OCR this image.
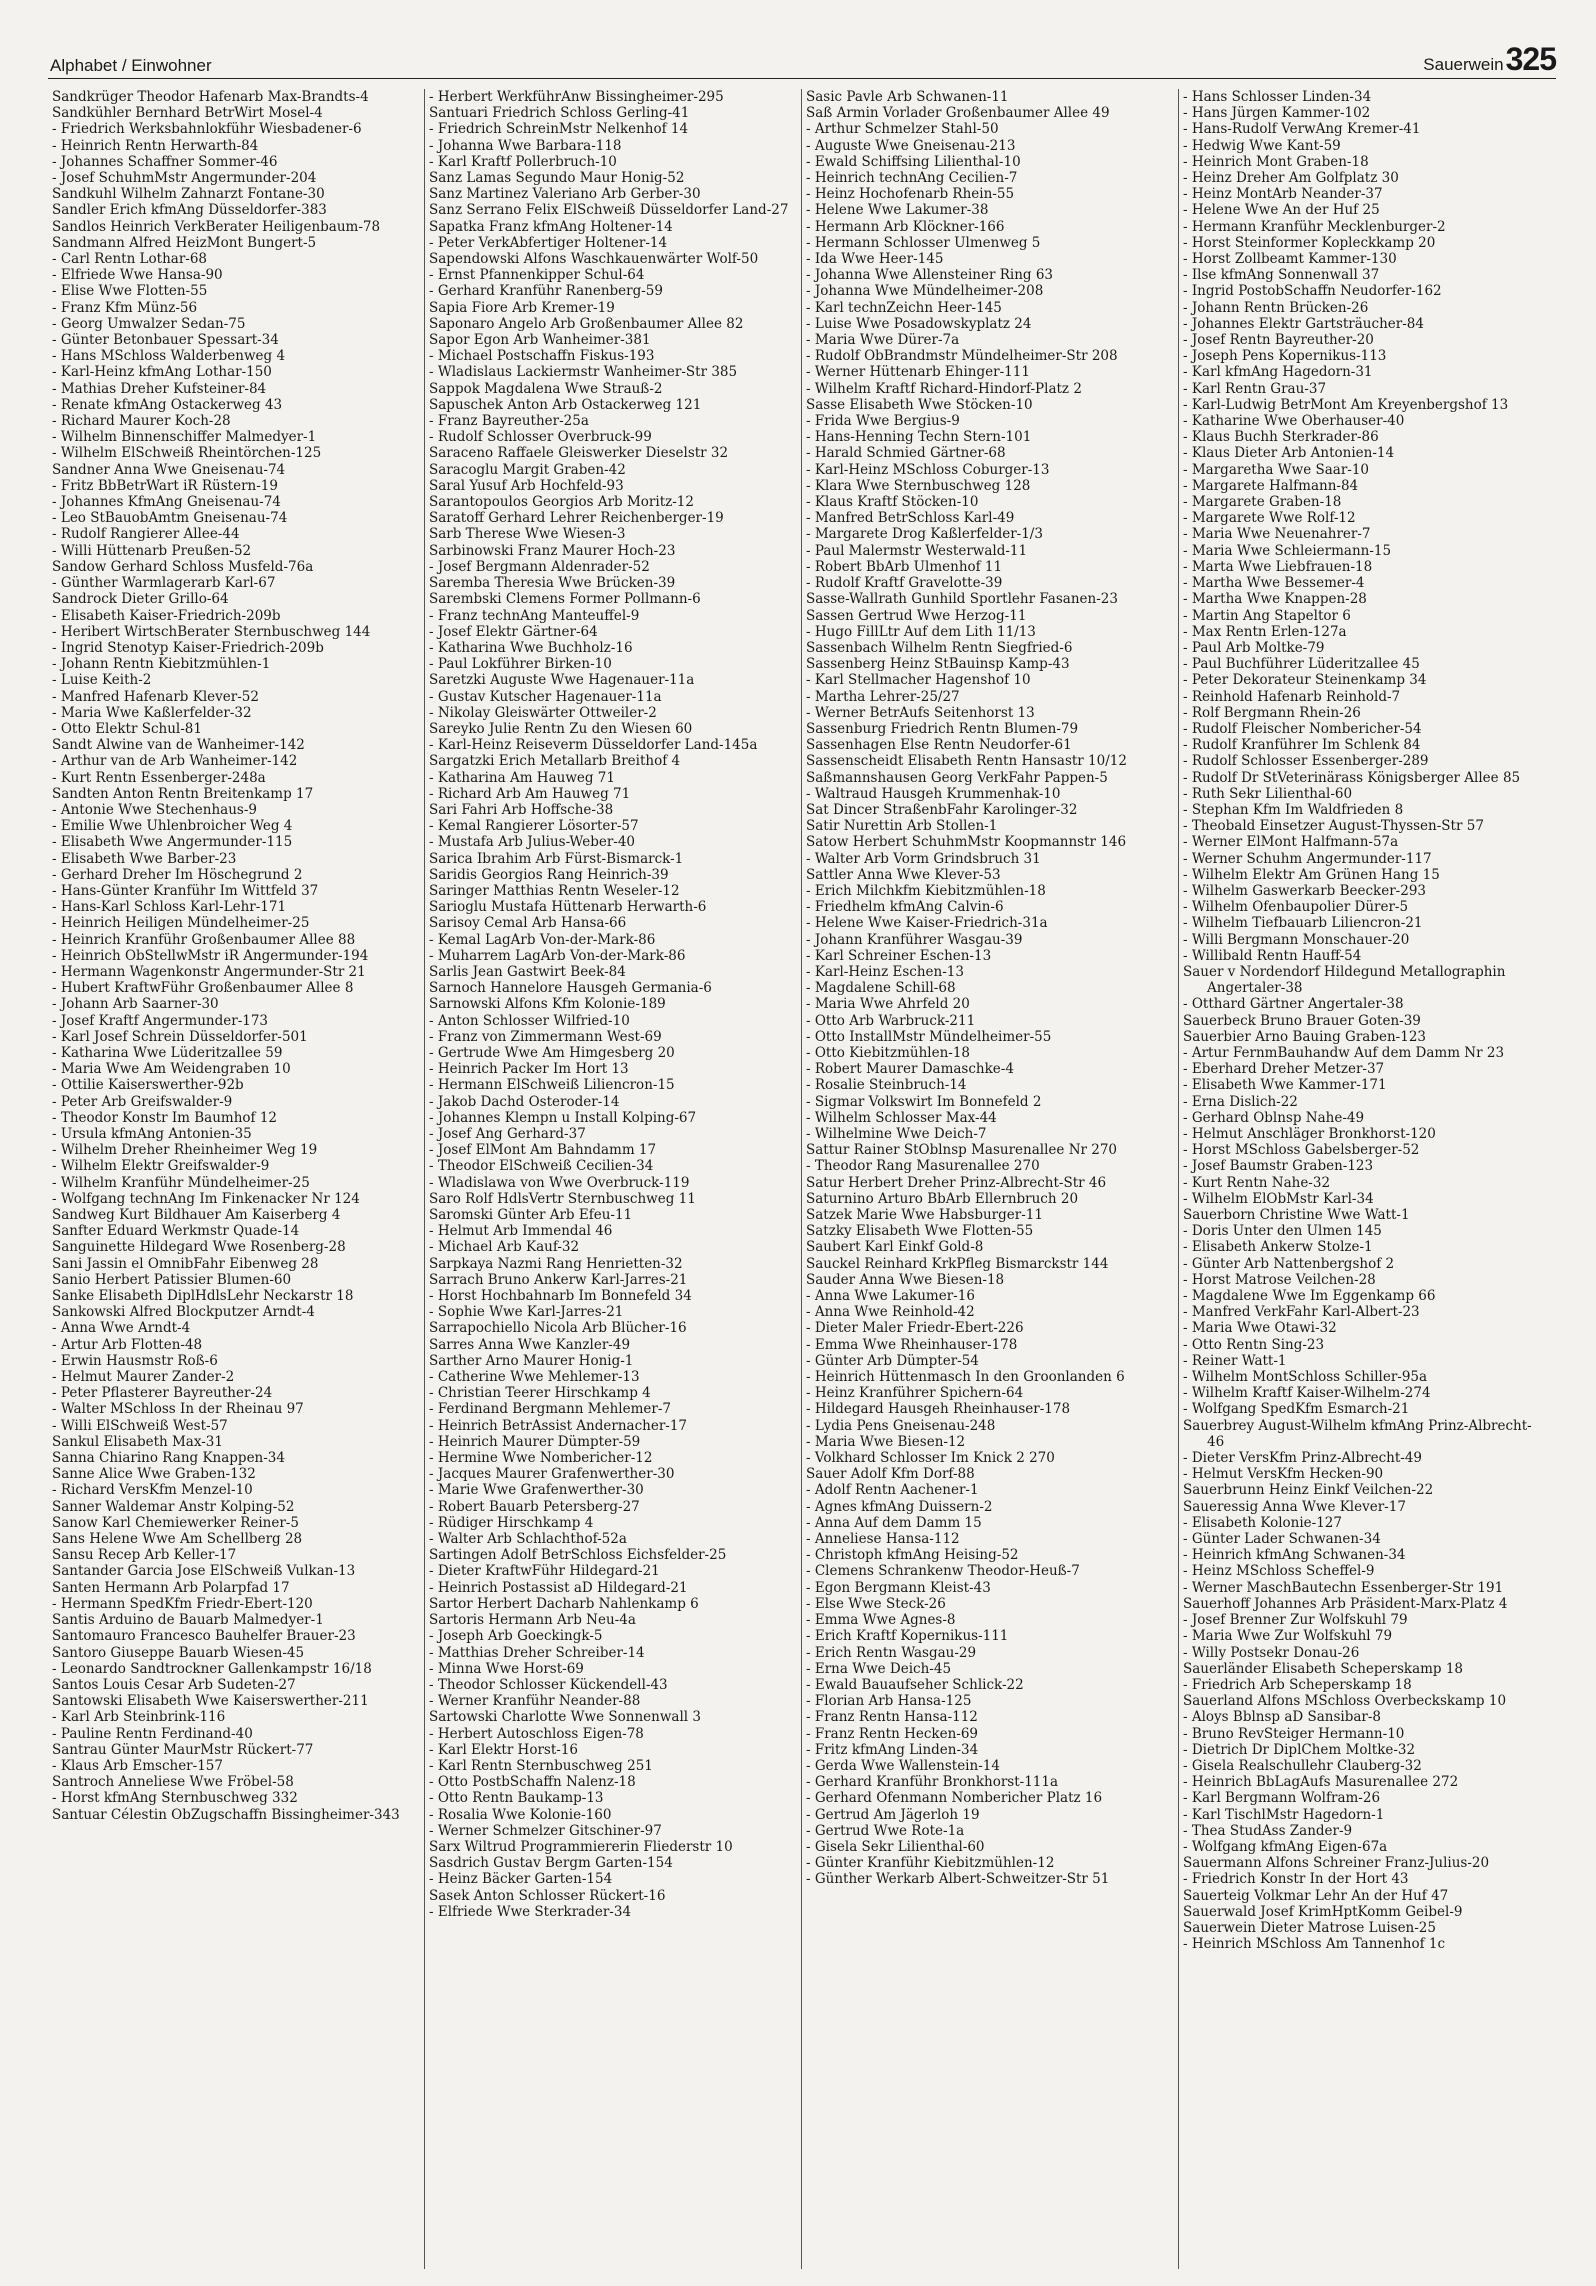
Alphabet / Einwohner	Sauerwein325
Sandkrüger Theodor Hafenarb Max-Brandts-4
Sandkühler Bernhard BetrWirt Mosel-4
- Friedrich Werksbahnlokführ Wiesbadener-6
- Heinrich Rentn Herwarth-84
- Johannes Schaffner Sommer-46
- Josef SchuhmMstr Angermunder-204
Sandkuhl Wilhelm Zahnarzt Fontane-30
Sandler Erich kfmAng Düsseldorfer-383
Sandlos Heinrich VerkBerater Heiligenbaum-78
Sandmann Alfred HeizMont Bungert-5
- Carl Rentn Lothar-68
- Elfriede Wwe Hansa-90
- Elise Wwe Flotten-55
- Franz Kfm Münz-56
- Georg Umwalzer Sedan-75
- Günter Betonbauer Spessart-34
- Hans MSchloss Walderbenweg 4
- Karl-Heinz kfmAng Lothar-150
- Mathias Dreher Kufsteiner-84
- Renate kfmAng Ostackerweg 43
- Richard Maurer Koch-28
- Wilhelm Binnenschiffer Malmedyer-1
- Wilhelm ElSchweiß Rheintörchen-125
Sandner Anna Wwe Gneisenau-74
- Fritz BbBetrWart iR Rüstern-19
- Johannes KfmAng Gneisenau-74
- Leo StBauobAmtm Gneisenau-74
- Rudolf Rangierer Allee-44
- Willi Hüttenarb Preußen-52
Sandow Gerhard Schloss Musfeld-76a
- Günther Warmlagerarb Karl-67
Sandrock Dieter Grillo-64
- Elisabeth Kaiser-Friedrich-209b
- Heribert WirtschBerater Sternbuschweg 144
- Ingrid Stenotyp Kaiser-Friedrich-209b
- Johann Rentn Kiebitzmühlen-1
- Luise Keith-2
- Manfred Hafenarb Klever-52
- Maria Wwe Kaßlerfelder-32
- Otto Elektr Schul-81
Sandt Alwine van de Wanheimer-142
- Arthur van de Arb Wanheimer-142
- Kurt Rentn Essenberger-248a
Sandten Anton Rentn Breitenkamp 17
- Antonie Wwe Stechenhaus-9
- Emilie Wwe Uhlenbroicher Weg 4
- Elisabeth Wwe Angermunder-115
- Elisabeth Wwe Barber-23
- Gerhard Dreher Im Höschegrund 2
- Hans-Günter Kranführ Im Wittfeld 37
- Hans-Karl Schloss Karl-Lehr-171
- Heinrich Heiligen Mündelheimer-25
- Heinrich Kranführ Großenbaumer Allee 88
- Heinrich ObStellwMstr iR Angermunder-194
- Hermann Wagenkonstr Angermunder-Str 21
- Hubert KraftwFühr Großenbaumer Allee 8
- Johann Arb Saarner-30
- Josef Kraftf Angermunder-173
- Karl Josef Schrein Düsseldorfer-501
- Katharina Wwe Lüderitzallee 59
- Maria Wwe Am Weidengraben 10
- Ottilie Kaiserswerther-92b
- Peter Arb Greifswalder-9
- Theodor Konstr Im Baumhof 12
- Ursula kfmAng Antonien-35
- Wilhelm Dreher Rheinheimer Weg 19
- Wilhelm Elektr Greifswalder-9
- Wilhelm Kranführ Mündelheimer-25
- Wolfgang technAng Im Finkenacker Nr 124
Sandweg Kurt Bildhauer Am Kaiserberg 4
Sanfter Eduard Werkmstr Quade-14
Sanguinette Hildegard Wwe Rosenberg-28
Sani Jassin el OmnibFahr Eibenweg 28
Sanio Herbert Patissier Blumen-60
Sanke Elisabeth DiplHdlsLehr Neckarstr 18
Sankowski Alfred Blockputzer Arndt-4
- Anna Wwe Arndt-4
- Artur Arb Flotten-48
- Erwin Hausmstr Roß-6
- Helmut Maurer Zander-2
- Peter Pflasterer Bayreuther-24
- Walter MSchloss In der Rheinau 97
- Willi ElSchweiß West-57
Sankul Elisabeth Max-31
Sanna Chiarino Rang Knappen-34
Sanne Alice Wwe Graben-132
- Richard VersKfm Menzel-10
Sanner Waldemar Anstr Kolping-52
Sanow Karl Chemiewerker Reiner-5
Sans Helene Wwe Am Schellberg 28
Sansu Recep Arb Keller-17
Santander Garcia Jose ElSchweiß Vulkan-13
Santen Hermann Arb Polarpfad 17
- Hermann SpedKfm Friedr-Ebert-120
Santis Arduino de Bauarb Malmedyer-1
Santomauro Francesco Bauhelfer Brauer-23
Santoro Giuseppe Bauarb Wiesen-45
- Leonardo Sandtrockner Gallenkampstr 16/18
Santos Louis Cesar Arb Sudeten-27
Santowski Elisabeth Wwe Kaiserswerther-211
- Karl Arb Steinbrink-116
- Pauline Rentn Ferdinand-40
Santrau Günter MaurMstr Rückert-77
- Klaus Arb Emscher-157
Santroch Anneliese Wwe Fröbel-58
- Horst kfmAng Sternbuschweg 332
Santuar Célestin ObZugschaffn Bissingheimer-343
- Herbert WerkführAnw Bissingheimer-295
Santuari Friedrich Schloss Gerling-41
- Friedrich SchreinMstr Nelkenhof 14
- Johanna Wwe Barbara-118
- Karl Kraftf Pollerbruch-10
Sanz Lamas Segundo Maur Honig-52
Sanz Martinez Valeriano Arb Gerber-30
Sanz Serrano Felix ElSchweiß Düsseldorfer Land-27
Sapatka Franz kfmAng Holtener-14
- Peter VerkAbfertiger Holtener-14
Sapendowski Alfons Waschkauenwärter Wolf-50
- Ernst Pfannenkipper Schul-64
- Gerhard Kranführ Ranenberg-59
Sapia Fiore Arb Kremer-19
Saponaro Angelo Arb Großenbaumer Allee 82
Sapor Egon Arb Wanheimer-381
- Michael Postschaffn Fiskus-193
- Wladislaus Lackiermstr Wanheimer-Str 385
Sappok Magdalena Wwe Strauß-2
Sapuschek Anton Arb Ostackerweg 121
- Franz Bayreuther-25a
- Rudolf Schlosser Overbruck-99
Saraceno Raffaele Gleiswerker Dieselstr 32
Saracoglu Margit Graben-42
Saral Yusuf Arb Hochfeld-93
Sarantopoulos Georgios Arb Moritz-12
Saratoff Gerhard Lehrer Reichenberger-19
Sarb Therese Wwe Wiesen-3
Sarbinowski Franz Maurer Hoch-23
- Josef Bergmann Aldenrader-52
Saremba Theresia Wwe Brücken-39
Sarembski Clemens Former Pollmann-6
- Franz technAng Manteuffel-9
- Josef Elektr Gärtner-64
- Katharina Wwe Buchholz-16
- Paul Lokführer Birken-10
Saretzki Auguste Wwe Hagenauer-11a
- Gustav Kutscher Hagenauer-11a
- Nikolay Gleiswärter Ottweiler-2
Sareyko Julie Rentn Zu den Wiesen 60
- Karl-Heinz Reiseverm Düsseldorfer Land-145a
Sargatzki Erich Metallarb Breithof 4
- Katharina Am Hauweg 71
- Richard Arb Am Hauweg 71
Sari Fahri Arb Hoffsche-38
- Kemal Rangierer Lösorter-57
- Mustafa Arb Julius-Weber-40
Sarica Ibrahim Arb Fürst-Bismarck-1
Saridis Georgios Rang Heinrich-39
Saringer Matthias Rentn Weseler-12
Sarioglu Mustafa Hüttenarb Herwarth-6
Sarisoy Cemal Arb Hansa-66
- Kemal LagArb Von-der-Mark-86
- Muharrem LagArb Von-der-Mark-86
Sarlis Jean Gastwirt Beek-84
Sarnoch Hannelore Hausgeh Germania-6
Sarnowski Alfons Kfm Kolonie-189
- Anton Schlosser Wilfried-10
- Franz von Zimmermann West-69
- Gertrude Wwe Am Himgesberg 20
- Heinrich Packer Im Hort 13
- Hermann ElSchweiß Liliencron-15
- Jakob Dachd Osteroder-14
- Johannes Klempn u Install Kolping-67
- Josef Ang Gerhard-37
- Josef ElMont Am Bahndamm 17
- Theodor ElSchweiß Cecilien-34
- Wladislawa von Wwe Overbruck-119
Saro Rolf HdlsVertr Sternbuschweg 11
Saromski Günter Arb Efeu-11
- Helmut Arb Immendal 46
- Michael Arb Kauf-32
Sarpkaya Nazmi Rang Henrietten-32
Sarrach Bruno Ankerw Karl-Jarres-21
- Horst Hochbahnarb Im Bonnefeld 34
- Sophie Wwe Karl-Jarres-21
Sarrapochiello Nicola Arb Blücher-16
Sarres Anna Wwe Kanzler-49
Sarther Arno Maurer Honig-1
- Catherine Wwe Mehlemer-13
- Christian Teerer Hirschkamp 4
- Ferdinand Bergmann Mehlemer-7
- Heinrich BetrAssist Andernacher-17
- Heinrich Maurer Dümpter-59
- Hermine Wwe Nombericher-12
- Jacques Maurer Grafenwerther-30
- Marie Wwe Grafenwerther-30
- Robert Bauarb Petersberg-27
- Rüdiger Hirschkamp 4
- Walter Arb Schlachthof-52a
Sartingen Adolf BetrSchloss Eichsfelder-25
- Dieter KraftwFühr Hildegard-21
- Heinrich Postassist aD Hildegard-21
Sartor Herbert Dacharb Nahlenkamp 6
Sartoris Hermann Arb Neu-4a
- Joseph Arb Goeckingk-5
- Matthias Dreher Schreiber-14
- Minna Wwe Horst-69
- Theodor Schlosser Kückendell-43
- Werner Kranführ Neander-88
Sartowski Charlotte Wwe Sonnenwall 3
- Herbert Autoschloss Eigen-78
- Karl Elektr Horst-16
- Karl Rentn Sternbuschweg 251
- Otto PostbSchaffn Nalenz-18
- Otto Rentn Baukamp-13
- Rosalia Wwe Kolonie-160
- Werner Schmelzer Gitschiner-97
Sarx Wiltrud Programmiererin Fliederstr 10
Sasdrich Gustav Bergm Garten-154
- Heinz Bäcker Garten-154
Sasek Anton Schlosser Rückert-16
- Elfriede Wwe Sterkrader-34
Sasic Pavle Arb Schwanen-11
Saß Armin Vorlader Großenbaumer Allee 49
- Arthur Schmelzer Stahl-50
- Auguste Wwe Gneisenau-213
- Ewald Schiffsing Lilienthal-10
- Heinrich technAng Cecilien-7
- Heinz Hochofenarb Rhein-55
- Helene Wwe Lakumer-38
- Hermann Arb Klöckner-166
- Hermann Schlosser Ulmenweg 5
- Ida Wwe Heer-145
- Johanna Wwe Allensteiner Ring 63
- Johanna Wwe Mündelheimer-208
- Karl technZeichn Heer-145
- Luise Wwe Posadowskyplatz 24
- Maria Wwe Dürer-7a
- Rudolf ObBrandmstr Mündelheimer-Str 208
- Werner Hüttenarb Ehinger-111
- Wilhelm Kraftf Richard-Hindorf-Platz 2
Sasse Elisabeth Wwe Stöcken-10
- Frida Wwe Bergius-9
- Hans-Henning Techn Stern-101
- Harald Schmied Gärtner-68
- Karl-Heinz MSchloss Coburger-13
- Klara Wwe Sternbuschweg 128
- Klaus Kraftf Stöcken-10
- Manfred BetrSchloss Karl-49
- Margarete Drog Kaßlerfelder-1/3
- Paul Malermstr Westerwald-11
- Robert BbArb Ulmenhof 11
- Rudolf Kraftf Gravelotte-39
Sasse-Wallrath Gunhild Sportlehr Fasanen-23
Sassen Gertrud Wwe Herzog-11
- Hugo FillLtr Auf dem Lith 11/13
Sassenbach Wilhelm Rentn Siegfried-6
Sassenberg Heinz StBauinsp Kamp-43
- Karl Stellmacher Hagenshof 10
- Martha Lehrer-25/27
- Werner BetrAufs Seitenhorst 13
Sassenburg Friedrich Rentn Blumen-79
Sassenhagen Else Rentn Neudorfer-61
Sassenscheidt Elisabeth Rentn Hansastr 10/12
Saßmannshausen Georg VerkFahr Pappen-5
- Waltraud Hausgeh Krummenhak-10
Sat Dincer StraßenbFahr Karolinger-32
Satir Nurettin Arb Stollen-1
Satow Herbert SchuhmMstr Koopmannstr 146
- Walter Arb Vorm Grindsbruch 31
Sattler Anna Wwe Klever-53
- Erich Milchkfm Kiebitzmühlen-18
- Friedhelm kfmAng Calvin-6
- Helene Wwe Kaiser-Friedrich-31a
- Johann Kranführer Wasgau-39
- Karl Schreiner Eschen-13
- Karl-Heinz Eschen-13
- Magdalene Schill-68
- Maria Wwe Ahrfeld 20
- Otto Arb Warbruck-211
- Otto InstallMstr Mündelheimer-55
- Otto Kiebitzmühlen-18
- Robert Maurer Damaschke-4
- Rosalie Steinbruch-14
- Sigmar Volkswirt Im Bonnefeld 2
- Wilhelm Schlosser Max-44
- Wilhelmine Wwe Deich-7
Sattur Rainer StOblnsp Masurenallee Nr 270
- Theodor Rang Masurenallee 270
Satur Herbert Dreher Prinz-Albrecht-Str 46
Saturnino Arturo BbArb Ellernbruch 20
Satzek Marie Wwe Habsburger-11
Satzky Elisabeth Wwe Flotten-55
Saubert Karl Einkf Gold-8
Sauckel Reinhard KrkPfleg Bismarckstr 144
Sauder Anna Wwe Biesen-18
- Anna Wwe Lakumer-16
- Anna Wwe Reinhold-42
- Dieter Maler Friedr-Ebert-226
- Emma Wwe Rheinhauser-178
- Günter Arb Dümpter-54
- Heinrich Hüttenmasch In den Groonlanden 6
- Heinz Kranführer Spichern-64
- Hildegard Hausgeh Rheinhauser-178
- Lydia Pens Gneisenau-248
- Maria Wwe Biesen-12
- Volkhard Schlosser Im Knick 2 270
Sauer Adolf Kfm Dorf-88
- Adolf Rentn Aachener-1
- Agnes kfmAng Duissern-2
- Anna Auf dem Damm 15
- Anneliese Hansa-112
- Christoph kfmAng Heising-52
- Clemens Schrankenw Theodor-Heuß-7
- Egon Bergmann Kleist-43
- Else Wwe Steck-26
- Emma Wwe Agnes-8
- Erich Kraftf Kopernikus-111
- Erich Rentn Wasgau-29
- Erna Wwe Deich-45
- Ewald Bauaufseher Schlick-22
- Florian Arb Hansa-125
- Franz Rentn Hansa-112
- Franz Rentn Hecken-69
- Fritz kfmAng Linden-34
- Gerda Wwe Wallenstein-14
- Gerhard Kranführ Bronkhorst-111a
- Gerhard Ofenmann Nombericher Platz 16
- Gertrud Am Jägerloh 19
- Gertrud Wwe Rote-1a
- Gisela Sekr Lilienthal-60
- Günter Kranführ Kiebitzmühlen-12
- Günther Werkarb Albert-Schweitzer-Str 51
- Hans Schlosser Linden-34
- Hans Jürgen Kammer-102
- Hans-Rudolf VerwAng Kremer-41
- Hedwig Wwe Kant-59
- Heinrich Mont Graben-18
- Heinz Dreher Am Golfplatz 30
- Heinz MontArb Neander-37
- Helene Wwe An der Huf 25
- Hermann Kranführ Mecklenburger-2
- Horst Steinformer Kopleckkamp 20
- Horst Zollbeamt Kammer-130
- Ilse kfmAng Sonnenwall 37
- Ingrid PostobSchaffn Neudorfer-162
- Johann Rentn Brücken-26
- Johannes Elektr Gartsträucher-84
- Josef Rentn Bayreuther-20
- Joseph Pens Kopernikus-113
- Karl kfmAng Hagedorn-31
- Karl Rentn Grau-37
- Karl-Ludwig BetrMont Am Kreyenbergshof 13
- Katharine Wwe Oberhauser-40
- Klaus Buchh Sterkrader-86
- Klaus Dieter Arb Antonien-14
- Margaretha Wwe Saar-10
- Margarete Halfmann-84
- Margarete Graben-18
- Margarete Wwe Rolf-12
- Maria Wwe Neuenahrer-7
- Maria Wwe Schleiermann-15
- Marta Wwe Liebfrauen-18
- Martha Wwe Bessemer-4
- Martha Wwe Knappen-28
- Martin Ang Stapeltor 6
- Max Rentn Erlen-127a
- Paul Arb Moltke-79
- Paul Buchführer Lüderitzallee 45
- Peter Dekorateur Steinenkamp 34
- Reinhold Hafenarb Reinhold-7
- Rolf Bergmann Rhein-26
- Rudolf Fleischer Nombericher-54
- Rudolf Kranführer Im Schlenk 84
- Rudolf Schlosser Essenberger-289
- Rudolf Dr StVeterinärass Königsberger Allee 85
- Ruth Sekr Lilienthal-60
- Stephan Kfm Im Waldfrieden 8
- Theobald Einsetzer August-Thyssen-Str 57
- Werner ElMont Halfmann-57a
- Werner Schuhm Angermunder-117
- Wilhelm Elektr Am Grünen Hang 15
- Wilhelm Gaswerkarb Beecker-293
- Wilhelm Ofenbaupolier Dürer-5
- Wilhelm Tiefbauarb Liliencron-21
- Willi Bergmann Monschauer-20
- Willibald Rentn Hauff-54
Sauer v Nordendorf Hildegund Metallographin Angertaler-38
- Otthard Gärtner Angertaler-38
Sauerbeck Bruno Brauer Goten-39
Sauerbier Arno Bauing Graben-123
- Artur FernmBauhandw Auf dem Damm Nr 23
- Eberhard Dreher Metzer-37
- Elisabeth Wwe Kammer-171
- Erna Dislich-22
- Gerhard Oblnsp Nahe-49
- Helmut Anschläger Bronkhorst-120
- Horst MSchloss Gabelsberger-52
- Josef Baumstr Graben-123
- Kurt Rentn Nahe-32
- Wilhelm ElObMstr Karl-34
Sauerborn Christine Wwe Watt-1
- Doris Unter den Ulmen 145
- Elisabeth Ankerw Stolze-1
- Günter Arb Nattenbergshof 2
- Horst Matrose Veilchen-28
- Magdalene Wwe Im Eggenkamp 66
- Manfred VerkFahr Karl-Albert-23
- Maria Wwe Otawi-32
- Otto Rentn Sing-23
- Reiner Watt-1
- Wilhelm MontSchloss Schiller-95a
- Wilhelm Kraftf Kaiser-Wilhelm-274
- Wolfgang SpedKfm Esmarch-21
Sauerbrey August-Wilhelm kfmAng Prinz-Albrecht-46
- Dieter VersKfm Prinz-Albrecht-49
- Helmut VersKfm Hecken-90
Sauerbrunn Heinz Einkf Veilchen-22
Saueressig Anna Wwe Klever-17
- Elisabeth Kolonie-127
- Günter Lader Schwanen-34
- Heinrich kfmAng Schwanen-34
- Heinz MSchloss Scheffel-9
- Werner MaschBautechn Essenberger-Str 191
Sauerhoff Johannes Arb Präsident-Marx-Platz 4
- Josef Brenner Zur Wolfskuhl 79
- Maria Wwe Zur Wolfskuhl 79
- Willy Postsekr Donau-26
Sauerländer Elisabeth Scheperskamp 18
- Friedrich Arb Scheperskamp 18
Sauerland Alfons MSchloss Overbeckskamp 10
- Aloys Bblnsp aD Sansibar-8
- Bruno RevSteiger Hermann-10
- Dietrich Dr DiplChem Moltke-32
- Gisela Realschullehr Clauberg-32
- Heinrich BbLagAufs Masurenallee 272
- Karl Bergmann Wolfram-26
- Karl TischlMstr Hagedorn-1
- Thea StudAss Zander-9
- Wolfgang kfmAng Eigen-67a
Sauermann Alfons Schreiner Franz-Julius-20
- Friedrich Konstr In der Hort 43
Sauerteig Volkmar Lehr An der Huf 47
Sauerwald Josef KrimHptKomm Geibel-9
Sauerwein Dieter Matrose Luisen-25
- Heinrich MSchloss Am Tannenhof 1c
